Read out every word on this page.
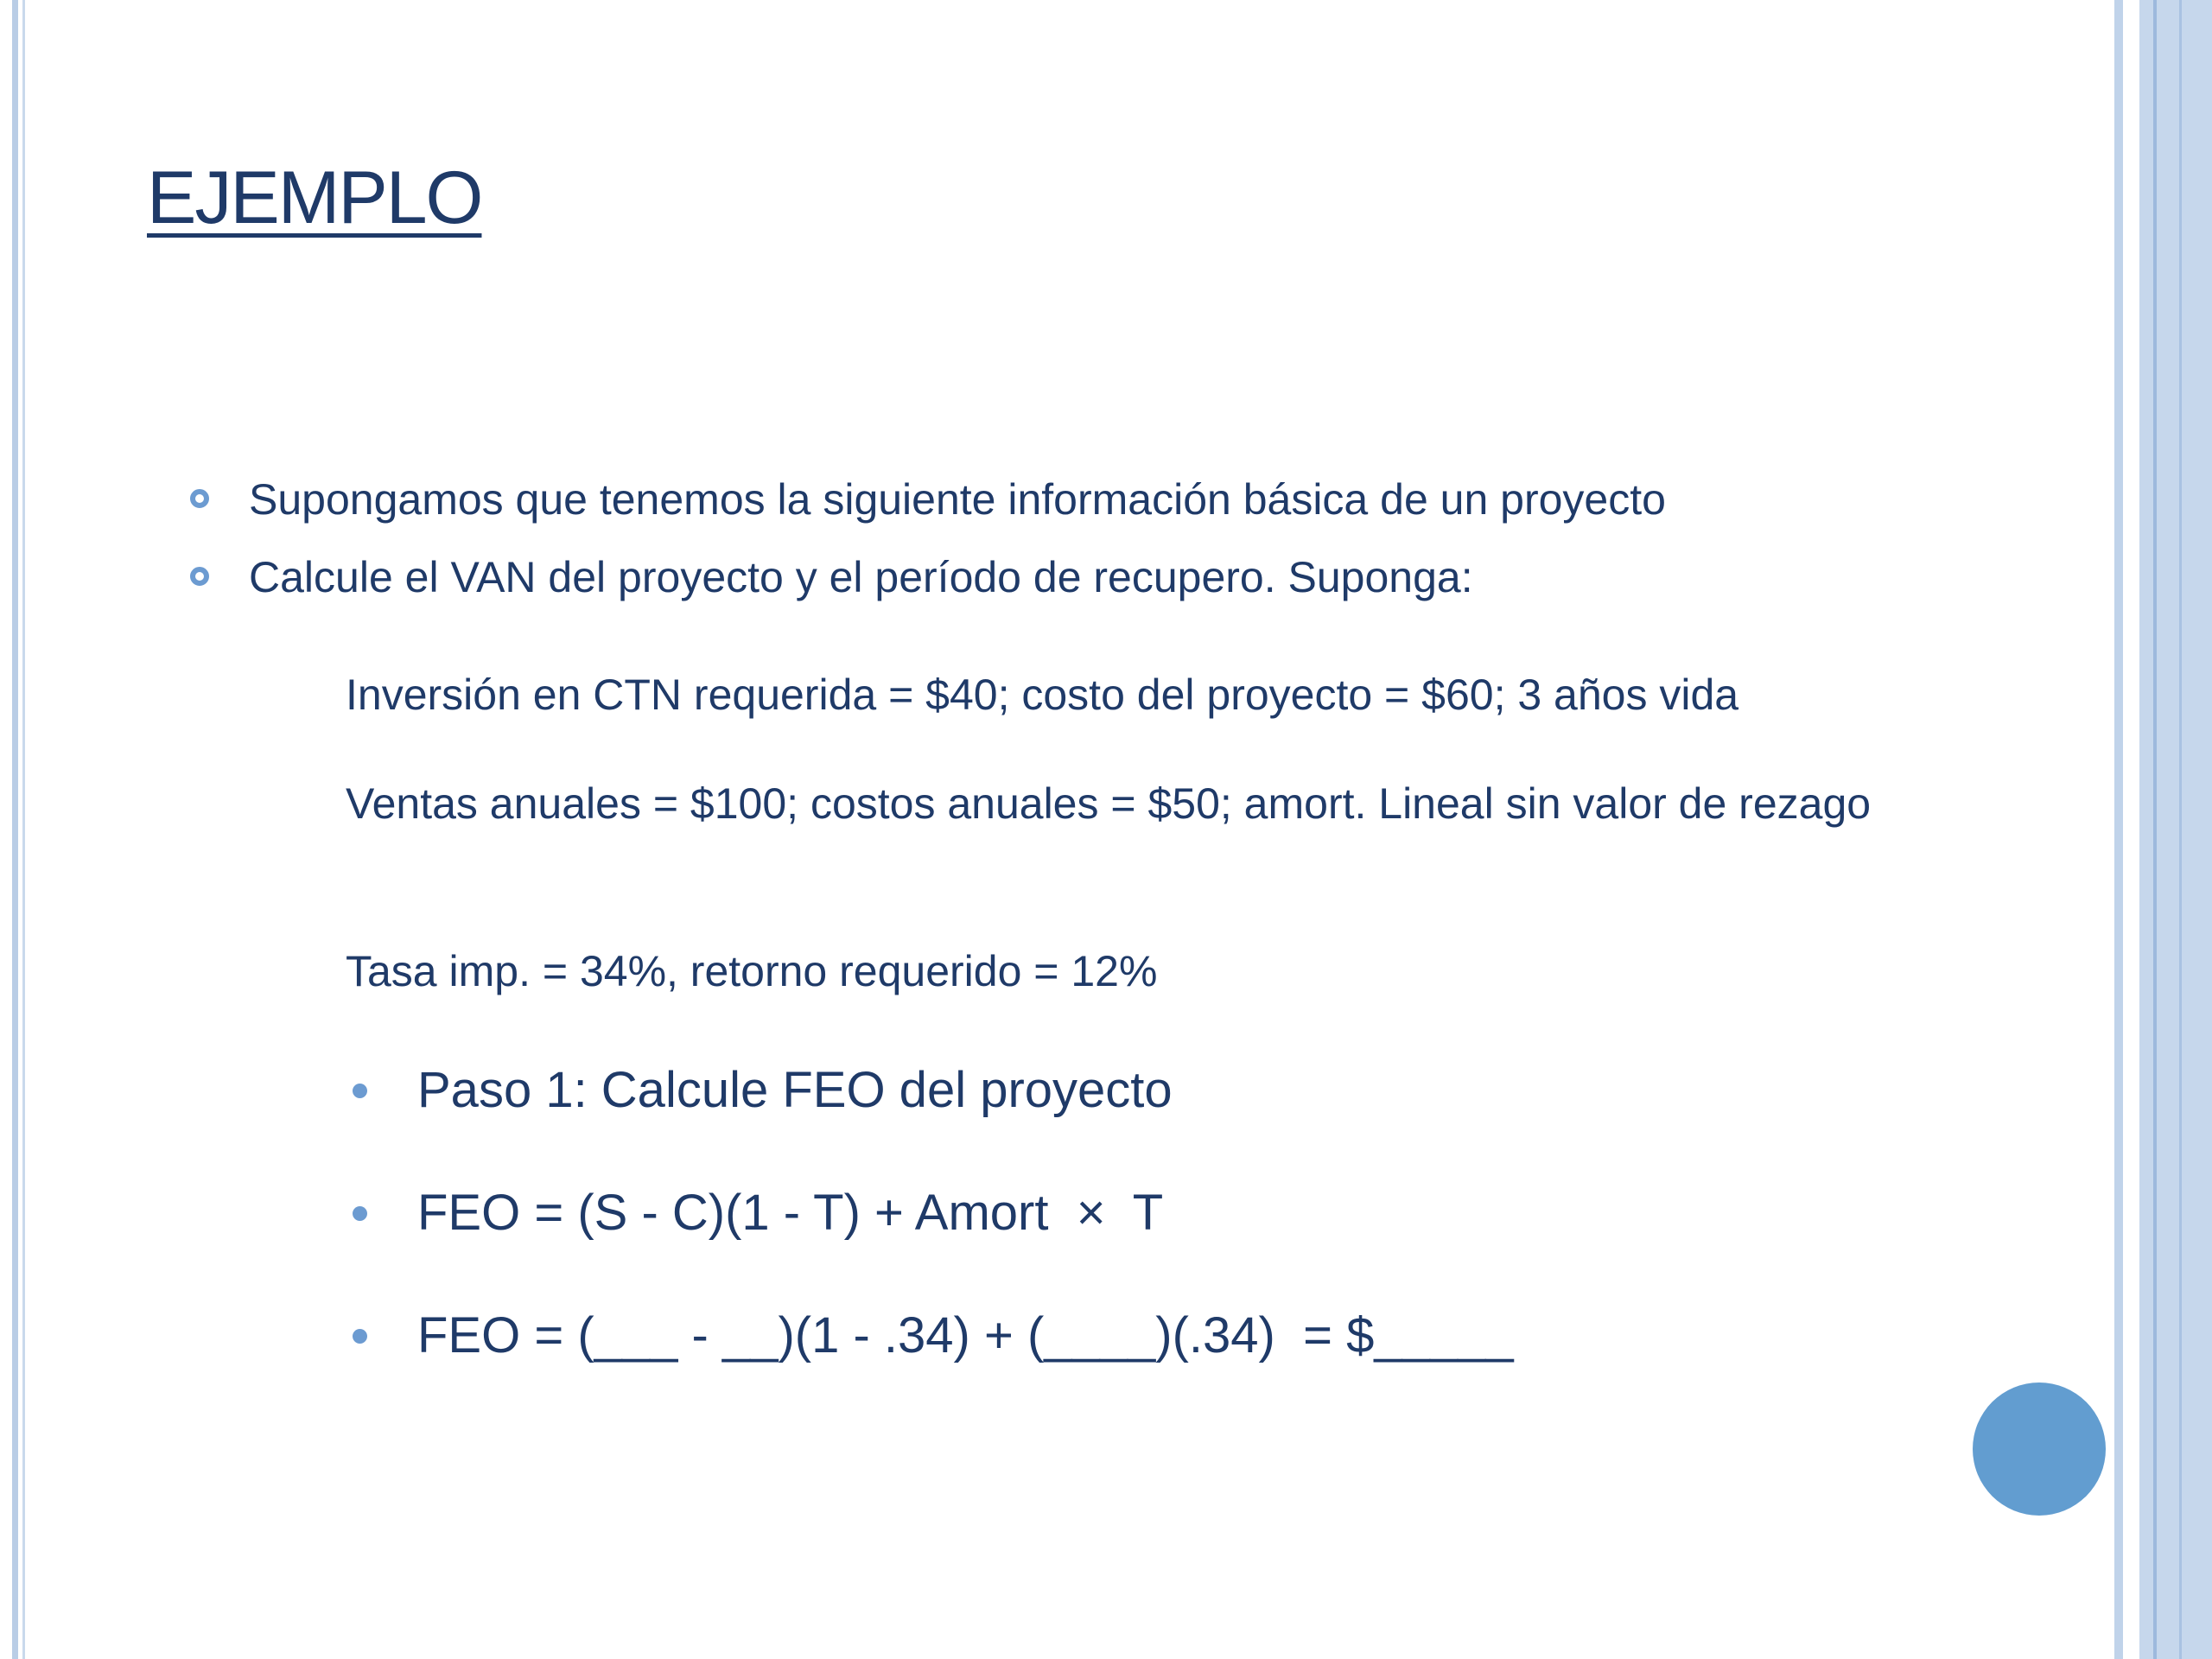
EJEMPLO
Supongamos que tenemos la siguiente información básica de un proyecto
Calcule el VAN del proyecto y el período de recupero. Suponga:
Inversión en CTN requerida = $40; costo del proyecto = $60; 3 años vida
Ventas anuales = $100; costos anuales = $50; amort. Lineal sin valor de rezago
Tasa imp. = 34%, retorno requerido = 12%
Paso 1: Calcule FEO del proyecto
FEO = (S - C)(1 - T) + Amort  ×  T
FEO = (___ - __)(1 - .34) + (____)(.34)  = $_____
